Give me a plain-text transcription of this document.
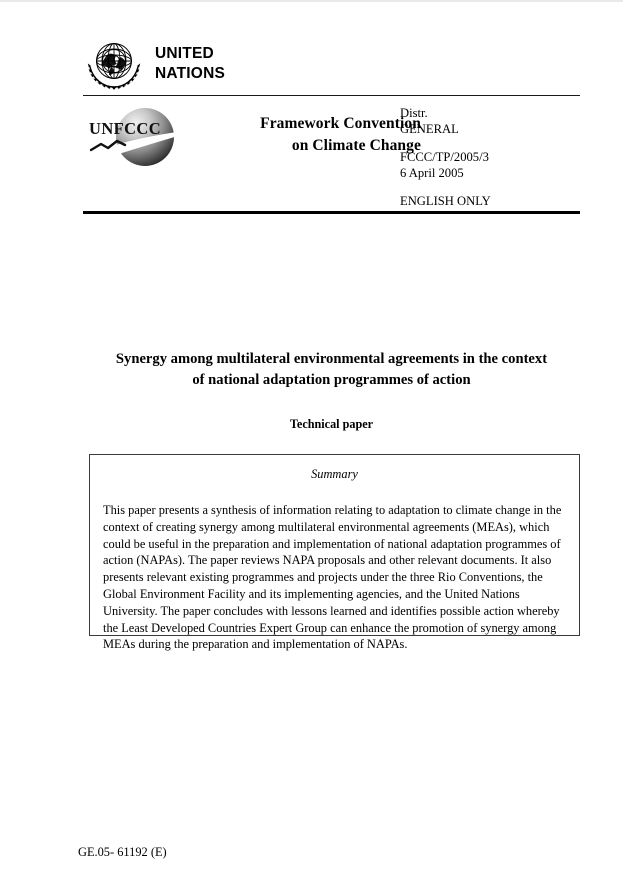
UNITED
NATIONS
UNFCCC	Framework Convention
on Climate Change
Distr.
GENERAL
FCCC/TP/2005/3
6 April 2005
ENGLISH ONLY
Synergy among multilateral environmental agreements in the context
of national adaptation programmes of action
Technical paper
Summary
This paper presents a synthesis of information relating to adaptation to climate change in the context of creating synergy among multilateral environmental agreements (MEAs), which could be useful in the preparation and implementation of national adaptation programmes of action (NAPAs). The paper reviews NAPA proposals and other relevant documents. It also presents relevant existing programmes and projects under the three Rio Conventions, the Global Environment Facility and its implementing agencies, and the United Nations University. The paper concludes with lessons learned and identifies possible action whereby the Least Developed Countries Expert Group can enhance the promotion of synergy among MEAs during the preparation and implementation of NAPAs.
GE.05- 61192 (E)
